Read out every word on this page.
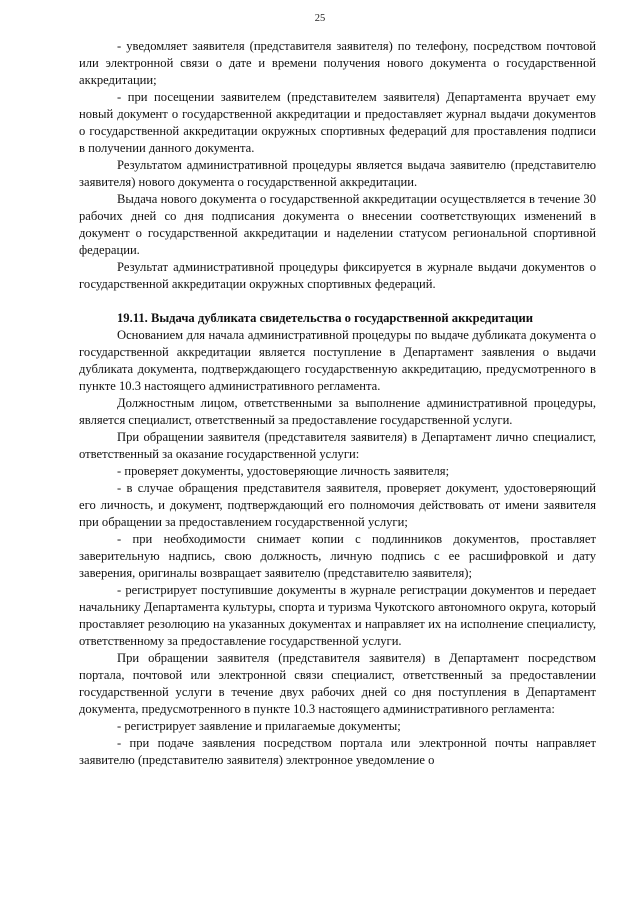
25

- уведомляет заявителя (представителя заявителя) по телефону, посредством почтовой или электронной связи о дате и времени получения нового документа о государственной аккредитации;

- при посещении заявителем (представителем заявителя) Департамента вручает ему новый документ о государственной аккредитации и предоставляет журнал выдачи документов о государственной аккредитации окружных спортивных федераций для проставления подписи в получении данного документа.

Результатом административной процедуры является выдача заявителю (представителю заявителя) нового документа о государственной аккредитации.

Выдача нового документа о государственной аккредитации осуществляется в течение 30 рабочих дней со дня подписания документа о внесении соответствующих изменений в документ о государственной аккредитации и наделении статусом региональной спортивной федерации.

Результат административной процедуры фиксируется в журнале выдачи документов о государственной аккредитации окружных спортивных федераций.

19.11. Выдача дубликата свидетельства о государственной аккредитации

Основанием для начала административной процедуры по выдаче дубликата документа о государственной аккредитации является поступление в Департамент заявления о выдачи дубликата документа, подтверждающего государственную аккредитацию, предусмотренного в пункте 10.3 настоящего административного регламента.

Должностным лицом, ответственными за выполнение административной процедуры, является специалист, ответственный за предоставление государственной услуги.

При обращении заявителя (представителя заявителя) в Департамент лично специалист, ответственный за оказание государственной услуги:

- проверяет документы, удостоверяющие личность заявителя;

- в случае обращения представителя заявителя, проверяет документ, удостоверяющий его личность, и документ, подтверждающий его полномочия действовать от имени заявителя при обращении за предоставлением государственной услуги;

- при необходимости снимает копии с подлинников документов, проставляет заверительную надпись, свою должность, личную подпись с ее расшифровкой и дату заверения, оригиналы возвращает заявителю (представителю заявителя);

- регистрирует поступившие документы в журнале регистрации документов и передает начальнику Департамента культуры, спорта и туризма Чукотского автономного округа, который проставляет резолюцию на указанных документах и направляет их на исполнение специалисту, ответственному за предоставление государственной услуги.

При обращении заявителя (представителя заявителя) в Департамент посредством портала, почтовой или электронной связи специалист, ответственный за предоставлении государственной услуги в течение двух рабочих дней со дня поступления в Департамент документа, предусмотренного в пункте 10.3 настоящего административного регламента:

- регистрирует заявление и прилагаемые документы;

- при подаче заявления посредством портала или электронной почты направляет заявителю (представителю заявителя) электронное уведомление о
